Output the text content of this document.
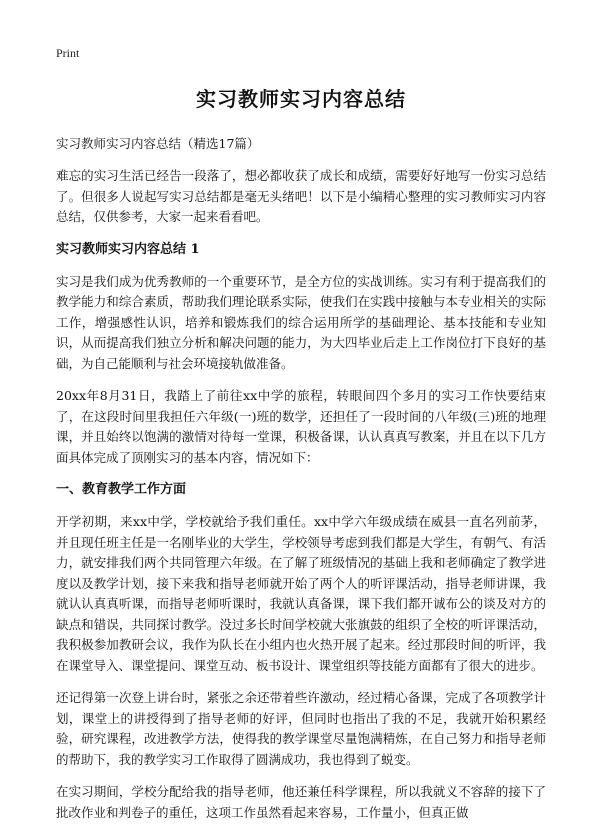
Print
实习教师实习内容总结
实习教师实习内容总结（精选17篇）

难忘的实习生活已经告一段落了，想必都收获了成长和成绩，需要好好地写一份实习总结了。但很多人说起写实习总结都是毫无头绪吧！以下是小编精心整理的实习教师实习内容总结，仅供参考，大家一起来看看吧。

实习教师实习内容总结 1

实习是我们成为优秀教师的一个重要环节，是全方位的实战训练。实习有利于提高我们的教学能力和综合素质，帮助我们理论联系实际，使我们在实践中接触与本专业相关的实际工作，增强感性认识，培养和锻炼我们的综合运用所学的基础理论、基本技能和专业知识，从而提高我们独立分析和解决问题的能力，为大四毕业后走上工作岗位打下良好的基础，为自己能顺利与社会环境接轨做准备。

20xx年8月31日，我踏上了前往xx中学的旅程，转眼间四个多月的实习工作快要结束了，在这段时间里我担任六年级(一)班的数学，还担任了一段时间的八年级(三)班的地理课，并且始终以饱满的激情对待每一堂课，积极备课，认认真真写教案，并且在以下几方面具体完成了顶刚实习的基本内容，情况如下：

一、教育教学工作方面

开学初期，来xx中学，学校就给予我们重任。xx中学六年级成绩在威县一直名列前茅，并且现任班主任是一名刚毕业的大学生，学校领导考虑到我们都是大学生，有朝气、有活力，就安排我们两个共同管理六年级。在了解了班级情况的基础上我和老师确定了教学进度以及教学计划，接下来我和指导老师就开始了两个人的听评课活动，指导老师讲课，我就认认真真听课，而指导老师听课时，我就认真备课，课下我们都开诚布公的谈及对方的缺点和错误，共同探讨教学。没过多长时间学校就大张旗鼓的组织了全校的听评课活动，我积极参加教研会议，我作为队长在小组内也火热开展了起来。经过那段时间的听评，我在课堂导入、课堂提问、课堂互动、板书设计、课堂组织等技能方面都有了很大的进步。

还记得第一次登上讲台时，紧张之余还带着些许激动，经过精心备课，完成了各项教学计划，课堂上的讲授得到了指导老师的好评，但同时也指出了我的不足，我就开始积累经验，研究课程，改进教学方法，使得我的教学课堂尽量饱满精炼，在自己努力和指导老师的帮助下，我的教学实习工作取得了圆满成功，我也得到了蜕变。

在实习期间，学校分配给我的指导老师，他还兼任科学课程，所以我就义不容辞的接下了批改作业和判卷子的重任，这项工作虽然看起来容易，工作量小，但真正做
